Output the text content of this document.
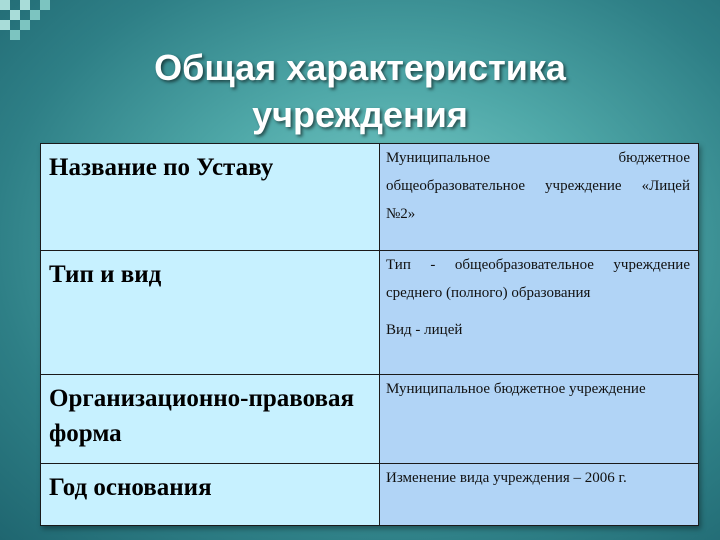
Общая характеристика
учреждения
Название по Уставу	Муниципальное бюджетное общеобразовательное учреждение «Лицей №2»

Тип и вид	Тип - общеобразовательное учреждение среднего (полного) образования

Вид - лицей

Организационно-правовая форма	Муниципальное бюджетное учреждение

Год основания	Изменение вида учреждения – 2006 г.
